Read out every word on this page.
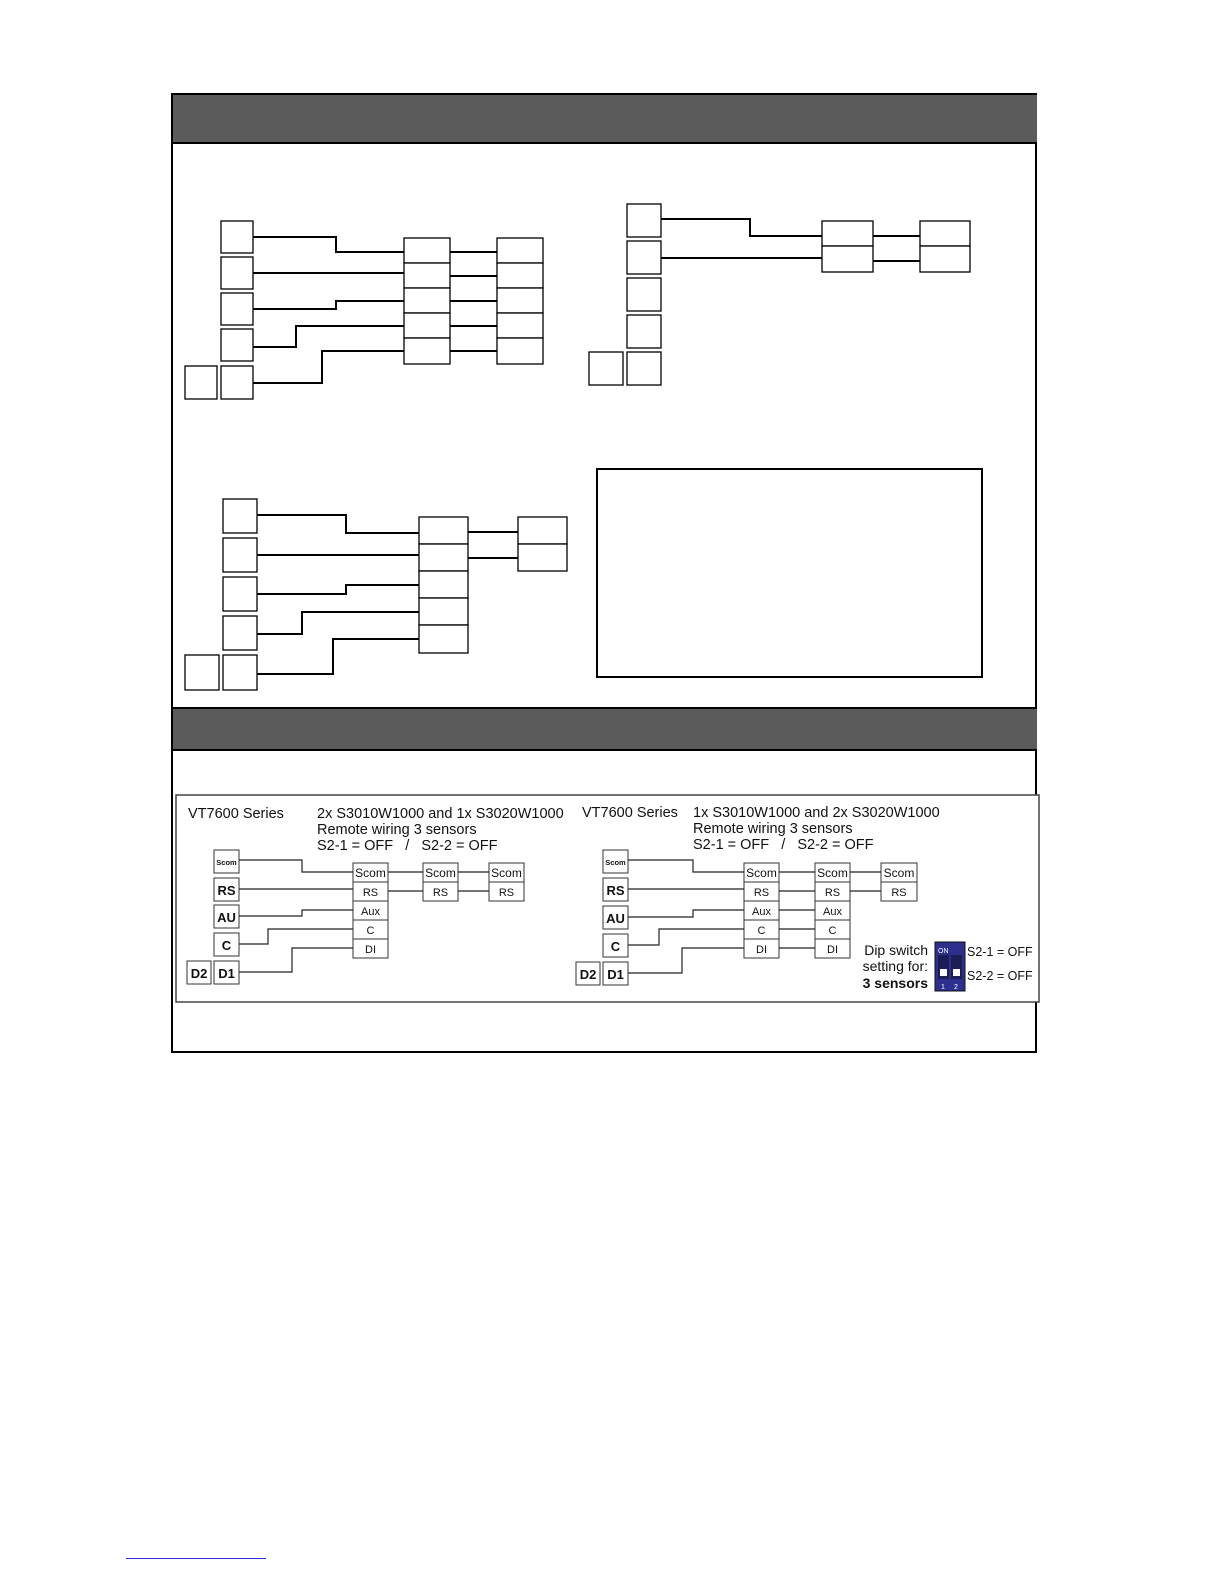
VT7600 Series 2x S3010W1000 and 1x S3020W1000
Remote wiring 3 sensors
S2-1 = OFF   /   S2-2 = OFF
Scom
RS
AU
C
D1
D2
Scom
RS
Aux
C
DI
Scom
RS
Scom
RS
VT7600 Series 1x S3010W1000 and 2x S3020W1000
Remote wiring 3 sensors
S2-1 = OFF   /   S2-2 = OFF
Scom
RS
AU
C
D1
D2
Scom
RS
Aux
C
DI
Scom
RS
Aux
C
DI
Scom
RS
Dip switch
setting for:
3 sensors
ON
1 2
S2-1 = OFF
S2-2 = OFF
